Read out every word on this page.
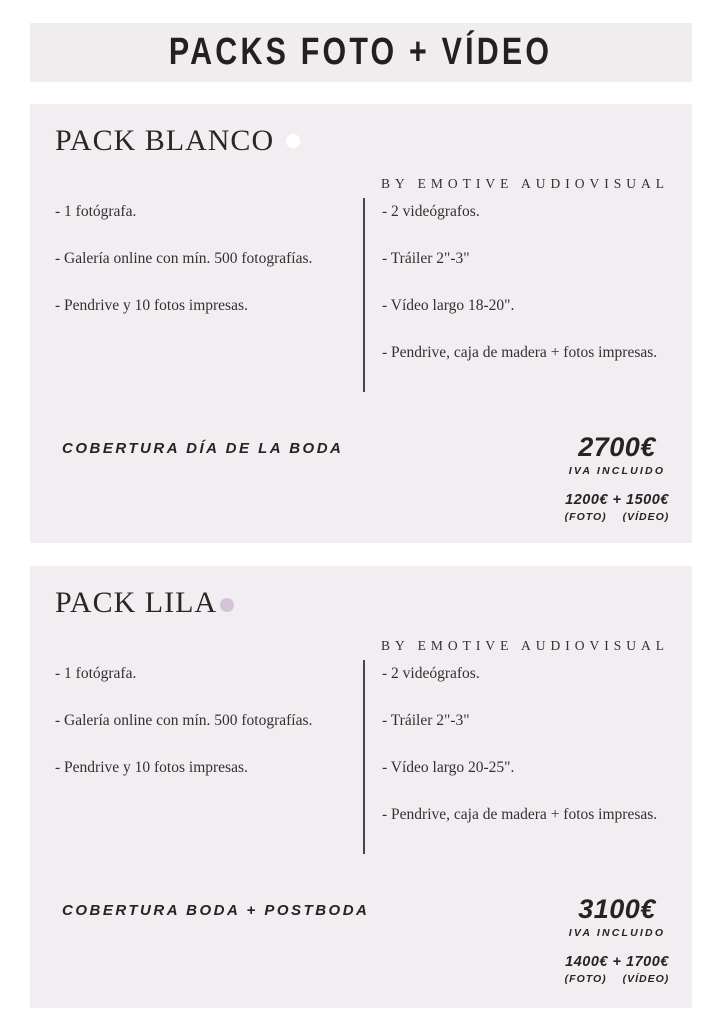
PACKS FOTO + VÍDEO
PACK BLANCO
BY EMOTIVE AUDIOVISUAL
- 1 fotógrafa.
- Galería online con mín. 500 fotografías.
- Pendrive y 10 fotos impresas.
- 2 videógrafos.
- Tráiler 2"-3"
- Vídeo largo 18-20".
- Pendrive, caja de madera + fotos impresas.
COBERTURA DÍA DE LA BODA	2700€
IVA INCLUIDO
1200€ + 1500€
(FOTO) (VÍDEO)
PACK LILA
BY EMOTIVE AUDIOVISUAL
- 1 fotógrafa.
- Galería online con mín. 500 fotografías.
- Pendrive y 10 fotos impresas.
- 2 videógrafos.
- Tráiler 2"-3"
- Vídeo largo 20-25".
- Pendrive, caja de madera + fotos impresas.
COBERTURA BODA + POSTBODA	3100€
IVA INCLUIDO
1400€ + 1700€
(FOTO) (VÍDEO)
